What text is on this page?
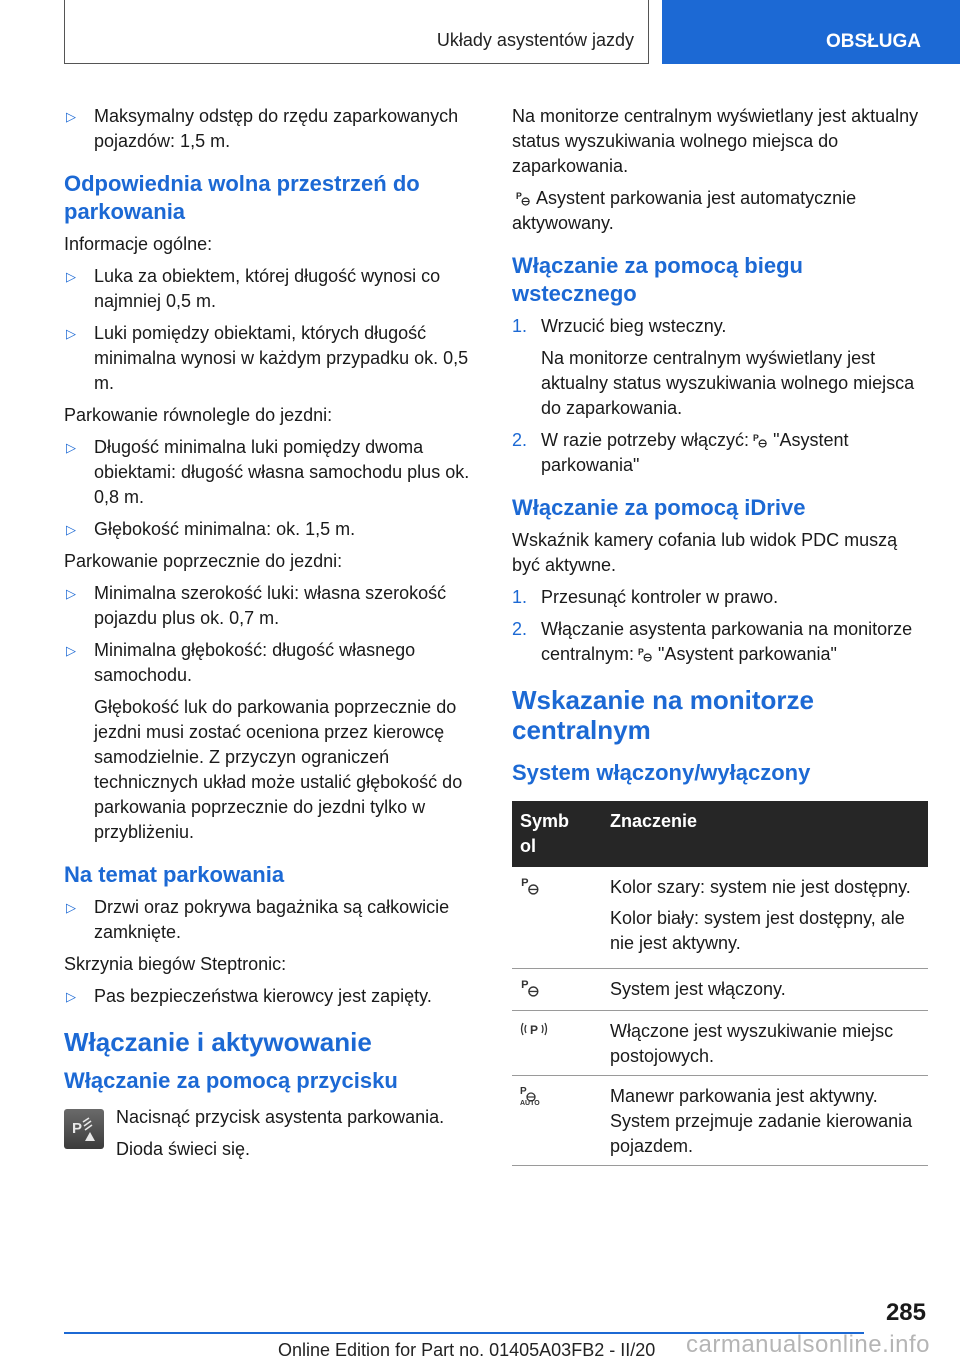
Układy asystentów jazdy	OBSŁUGA
▷ Maksymalny odstęp do rzędu zaparkowanych pojazdów: 1,5 m.
Odpowiednia wolna przestrzeń do parkowania

Informacje ogólne:

▷ Luka za obiektem, której długość wynosi co najmniej 0,5 m.
▷ Luki pomiędzy obiektami, których długość minimalna wynosi w każdym przypadku ok. 0,5 m.

Parkowanie równolegle do jezdni:

▷ Długość minimalna luki pomiędzy dwoma obiektami: długość własna samochodu plus ok. 0,8 m.
▷ Głębokość minimalna: ok. 1,5 m.

Parkowanie poprzecznie do jezdni:

▷ Minimalna szerokość luki: własna szerokość pojazdu plus ok. 0,7 m.
▷ Minimalna głębokość: długość własnego samochodu.

Głębokość luk do parkowania poprzecznie do jezdni musi zostać oceniona przez kierowcę samodzielnie. Z przyczyn ograniczeń technicznych układ może ustalić głębokość do parkowania poprzecznie do jezdni tylko w przybliżeniu.

Na temat parkowania
▷ Drzwi oraz pokrywa bagażnika są całkowicie zamknięte.

Skrzynia biegów Steptronic:

▷ Pas bezpieczeństwa kierowcy jest zapięty.
Włączanie i aktywowanie
Włączanie za pomocą przycisku
P

Nacisnąć przycisk asystenta parkowania.

Dioda świeci się.

Na monitorze centralnym wyświetlany jest aktualny status wyszukiwania wolnego miejsca do zaparkowania.

P Asystent parkowania jest automatycznie aktywowany.

Włączanie za pomocą biegu wstecznego
1. Wrzucić bieg wsteczny.

Na monitorze centralnym wyświetlany jest aktualny status wyszukiwania wolnego miejsca do zaparkowania.

2. W razie potrzeby włączyć: P "Asystent parkowania"
Włączanie za pomocą iDrive

Wskaźnik kamery cofania lub widok PDC muszą być aktywne.

1. Przesunąć kontroler w prawo.
2. Włączanie asystenta parkowania na monitorze centralnym: P "Asystent parkowania"
Wskazanie na monitorze centralnym
System włączony/wyłączony
Symbol	Znaczenie

P	Kolor szary: system nie jest dostępny.

Kolor biały: system jest dostępny, ale nie jest aktywny.

P	System jest włączony.

P	Włączone jest wyszukiwanie miejsc postojowych.

P
AUTO	Manewr parkowania jest aktywny. System przejmuje zadanie kierowania pojazdem.
285
Online Edition for Part no. 01405A03FB2 - II/20 carmanualsonline.info
